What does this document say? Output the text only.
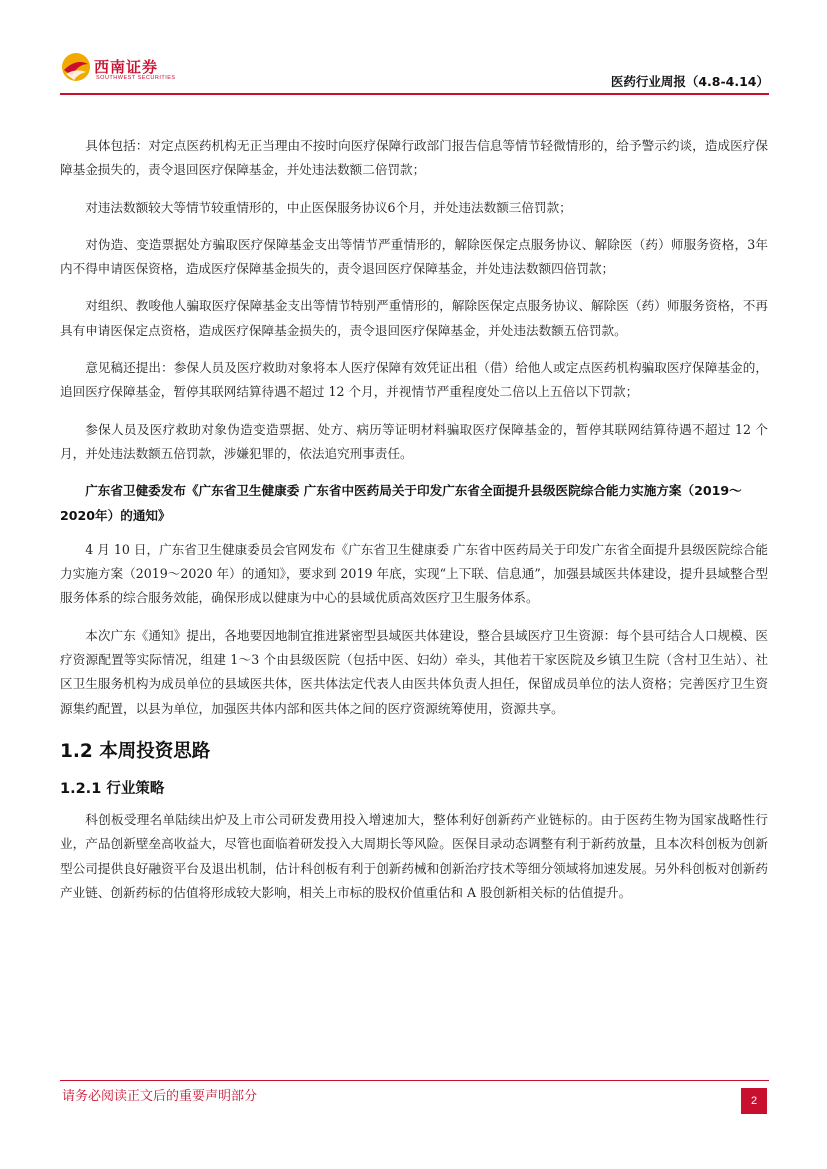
西南证券
SOUTHWEST SECURITIES	医药行业周报（4.8-4.14）

具体包括：对定点医药机构无正当理由不按时向医疗保障行政部门报告信息等情节轻微情形的，给予警示约谈，造成医疗保障基金损失的，责令退回医疗保障基金，并处违法数额二倍罚款；

对违法数额较大等情节较重情形的，中止医保服务协议6个月，并处违法数额三倍罚款；

对伪造、变造票据处方骗取医疗保障基金支出等情节严重情形的，解除医保定点服务协议、解除医（药）师服务资格，3年内不得申请医保资格，造成医疗保障基金损失的，责令退回医疗保障基金，并处违法数额四倍罚款；

对组织、教唆他人骗取医疗保障基金支出等情节特别严重情形的，解除医保定点服务协议、解除医（药）师服务资格，不再具有申请医保定点资格，造成医疗保障基金损失的，责令退回医疗保障基金，并处违法数额五倍罚款。

意见稿还提出：参保人员及医疗救助对象将本人医疗保障有效凭证出租（借）给他人或定点医药机构骗取医疗保障基金的，追回医疗保障基金，暂停其联网结算待遇不超过 12 个月，并视情节严重程度处二倍以上五倍以下罚款；

参保人员及医疗救助对象伪造变造票据、处方、病历等证明材料骗取医疗保障基金的，暂停其联网结算待遇不超过 12 个月，并处违法数额五倍罚款，涉嫌犯罪的，依法追究刑事责任。

广东省卫健委发布《广东省卫生健康委 广东省中医药局关于印发广东省全面提升县级医院综合能力实施方案（2019～2020年）的通知》

4 月 10 日，广东省卫生健康委员会官网发布《广东省卫生健康委 广东省中医药局关于印发广东省全面提升县级医院综合能力实施方案（2019～2020 年）的通知》，要求到 2019 年底，实现“上下联、信息通”，加强县域医共体建设，提升县域整合型服务体系的综合服务效能，确保形成以健康为中心的县域优质高效医疗卫生服务体系。

本次广东《通知》提出，各地要因地制宜推进紧密型县域医共体建设，整合县域医疗卫生资源：每个县可结合人口规模、医疗资源配置等实际情况，组建 1～3 个由县级医院（包括中医、妇幼）牵头，其他若干家医院及乡镇卫生院（含村卫生站）、社区卫生服务机构为成员单位的县域医共体，医共体法定代表人由医共体负责人担任，保留成员单位的法人资格；完善医疗卫生资源集约配置，以县为单位，加强医共体内部和医共体之间的医疗资源统筹使用，资源共享。

1.2 本周投资思路
1.2.1 行业策略

科创板受理名单陆续出炉及上市公司研发费用投入增速加大，整体利好创新药产业链标的。由于医药生物为国家战略性行业，产品创新壁垒高收益大，尽管也面临着研发投入大周期长等风险。医保目录动态调整有利于新药放量，且本次科创板为创新型公司提供良好融资平台及退出机制，估计科创板有利于创新药械和创新治疗技术等细分领域将加速发展。另外科创板对创新药产业链、创新药标的估值将形成较大影响，相关上市标的股权价值重估和 A 股创新相关标的估值提升。

请务必阅读正文后的重要声明部分	2
